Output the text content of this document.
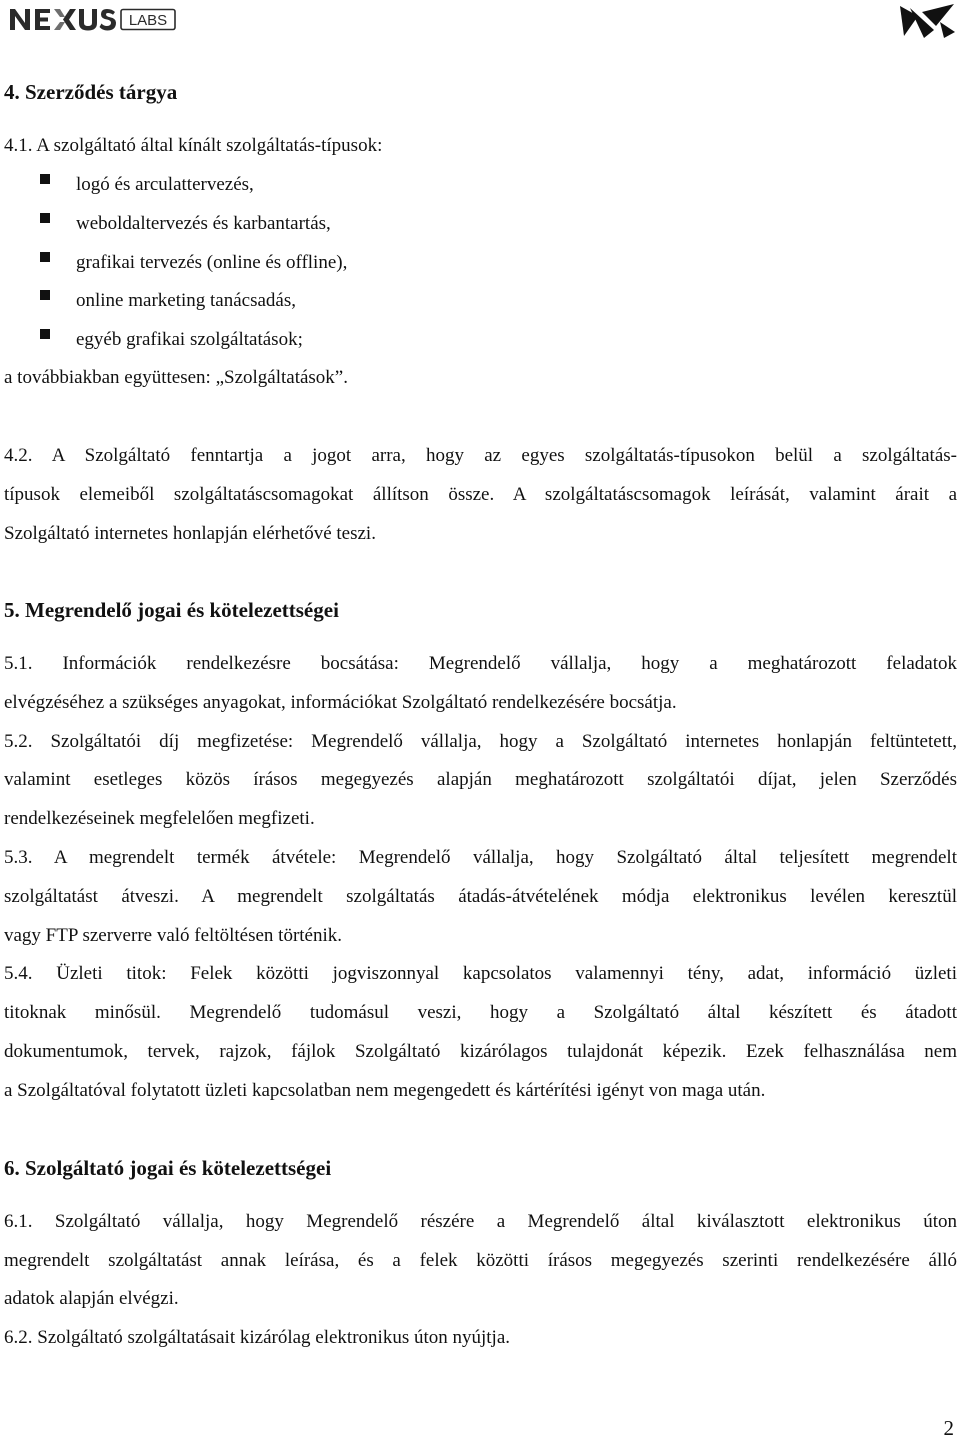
LABS
4. Szerződés tárgya
4.1. A szolgáltató által kínált szolgáltatás-típusok:
logó és arculattervezés,
weboldaltervezés és karbantartás,
grafikai tervezés (online és offline),
online marketing tanácsadás,
egyéb grafikai szolgáltatások;
a továbbiakban együttesen: „Szolgáltatások”.
4.2. A Szolgáltató fenntartja a jogot arra, hogy az egyes szolgáltatás-típusokon belül a szolgáltatás-
típusok elemeiből szolgáltatáscsomagokat állítson össze. A szolgáltatáscsomagok leírását, valamint árait a
Szolgáltató internetes honlapján elérhetővé teszi.
5. Megrendelő jogai és kötelezettségei
5.1. Információk rendelkezésre bocsátása: Megrendelő vállalja, hogy a meghatározott feladatok
elvégzéséhez a szükséges anyagokat, információkat Szolgáltató rendelkezésére bocsátja.
5.2. Szolgáltatói díj megfizetése: Megrendelő vállalja, hogy a Szolgáltató internetes honlapján feltüntetett,
valamint esetleges közös írásos megegyezés alapján meghatározott szolgáltatói díjat, jelen Szerződés
rendelkezéseinek megfelelően megfizeti.
5.3. A megrendelt termék átvétele: Megrendelő vállalja, hogy Szolgáltató által teljesített megrendelt
szolgáltatást átveszi. A megrendelt szolgáltatás átadás-átvételének módja elektronikus levélen keresztül
vagy FTP szerverre való feltöltésen történik.
5.4. Üzleti titok: Felek közötti jogviszonnyal kapcsolatos valamennyi tény, adat, információ üzleti
titoknak minősül. Megrendelő tudomásul veszi, hogy a Szolgáltató által készített és átadott
dokumentumok, tervek, rajzok, fájlok Szolgáltató kizárólagos tulajdonát képezik. Ezek felhasználása nem
a Szolgáltatóval folytatott üzleti kapcsolatban nem megengedett és kártérítési igényt von maga után.
6. Szolgáltató jogai és kötelezettségei
6.1. Szolgáltató vállalja, hogy Megrendelő részére a Megrendelő által kiválasztott elektronikus úton
megrendelt szolgáltatást annak leírása, és a felek közötti írásos megegyezés szerinti rendelkezésére álló
adatok alapján elvégzi.
6.2. Szolgáltató szolgáltatásait kizárólag elektronikus úton nyújtja.
2
